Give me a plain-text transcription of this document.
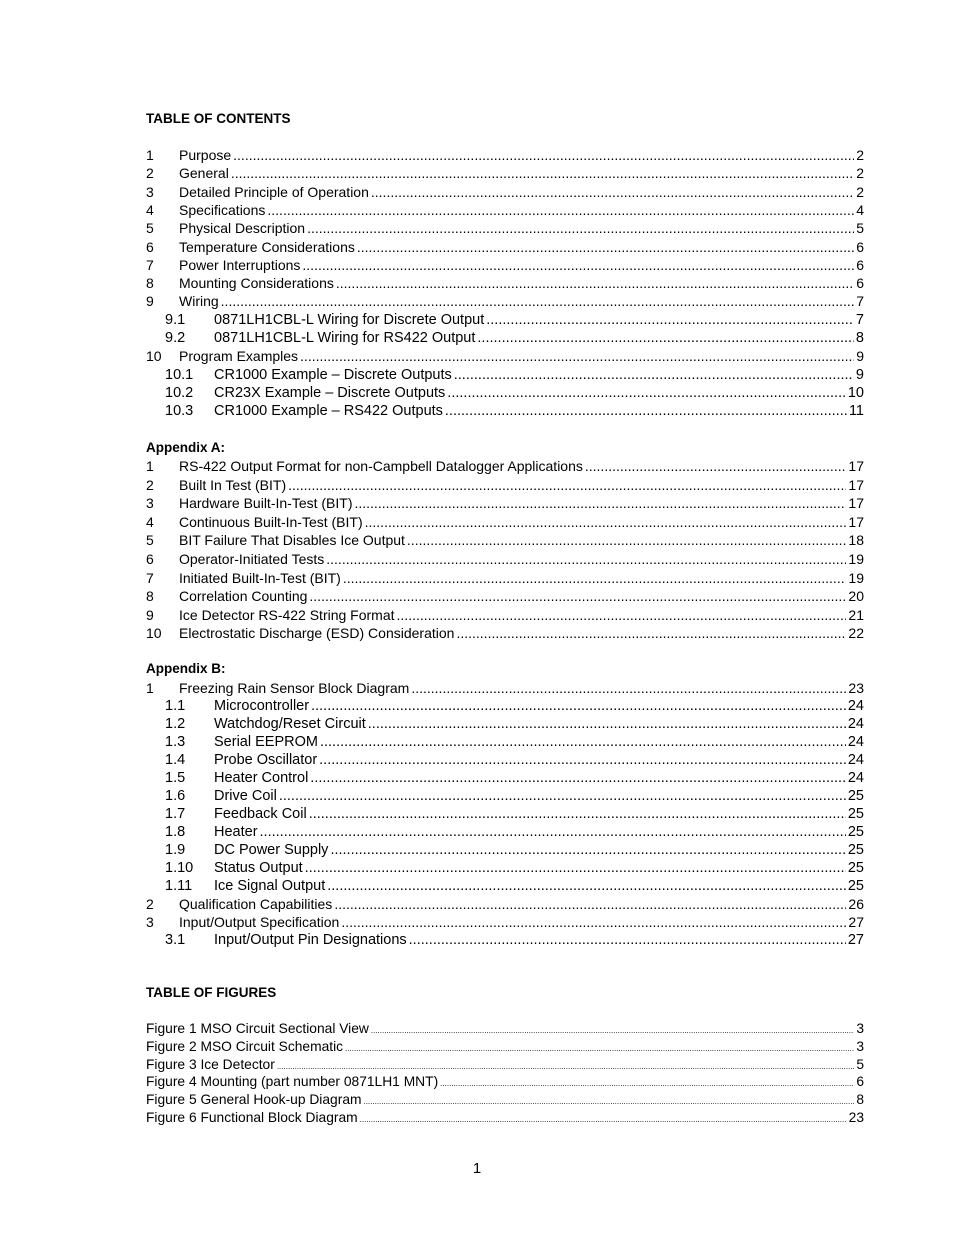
TABLE OF CONTENTS
1	Purpose .....	2
2	General .....	2
3	Detailed Principle of Operation .....	2
4	Specifications .....	4
5	Physical Description .....	5
6	Temperature Considerations .....	6
7	Power Interruptions .....	6
8	Mounting Considerations .....	6
9	Wiring .....	7
9.1	0871LH1CBL-L Wiring for Discrete Output .....	7
9.2	0871LH1CBL-L Wiring for RS422 Output .....	8
10	Program Examples .....	9
10.1	CR1000 Example – Discrete Outputs .....	9
10.2	CR23X Example – Discrete Outputs .....	10
10.3	CR1000 Example – RS422 Outputs .....	11
Appendix A:
1	RS-422 Output Format for non-Campbell Datalogger Applications .....	17
2	Built In Test (BIT) .....	17
3	Hardware Built-In-Test (BIT) .....	17
4	Continuous Built-In-Test (BIT) .....	17
5	BIT Failure That Disables Ice Output .....	18
6	Operator-Initiated Tests .....	19
7	Initiated Built-In-Test (BIT) .....	19
8	Correlation Counting .....	20
9	Ice Detector RS-422 String Format .....	21
10	Electrostatic Discharge (ESD) Consideration .....	22
Appendix B:
1	Freezing Rain Sensor Block Diagram .....	23
1.1	Microcontroller .....	24
1.2	Watchdog/Reset Circuit .....	24
1.3	Serial EEPROM .....	24
1.4	Probe Oscillator .....	24
1.5	Heater Control .....	24
1.6	Drive Coil .....	25
1.7	Feedback Coil .....	25
1.8	Heater .....	25
1.9	DC Power Supply .....	25
1.10	Status Output .....	25
1.11	Ice Signal Output .....	25
2	Qualification Capabilities .....	26
3	Input/Output Specification .....	27
3.1	Input/Output Pin Designations .....	27
TABLE OF FIGURES
Figure 1 MSO Circuit Sectional View .....	3
Figure 2 MSO Circuit Schematic .....	3
Figure 3 Ice Detector .....	5
Figure 4 Mounting (part number 0871LH1 MNT) .....	6
Figure 5 General Hook-up Diagram .....	8
Figure 6 Functional Block Diagram .....	23
1
